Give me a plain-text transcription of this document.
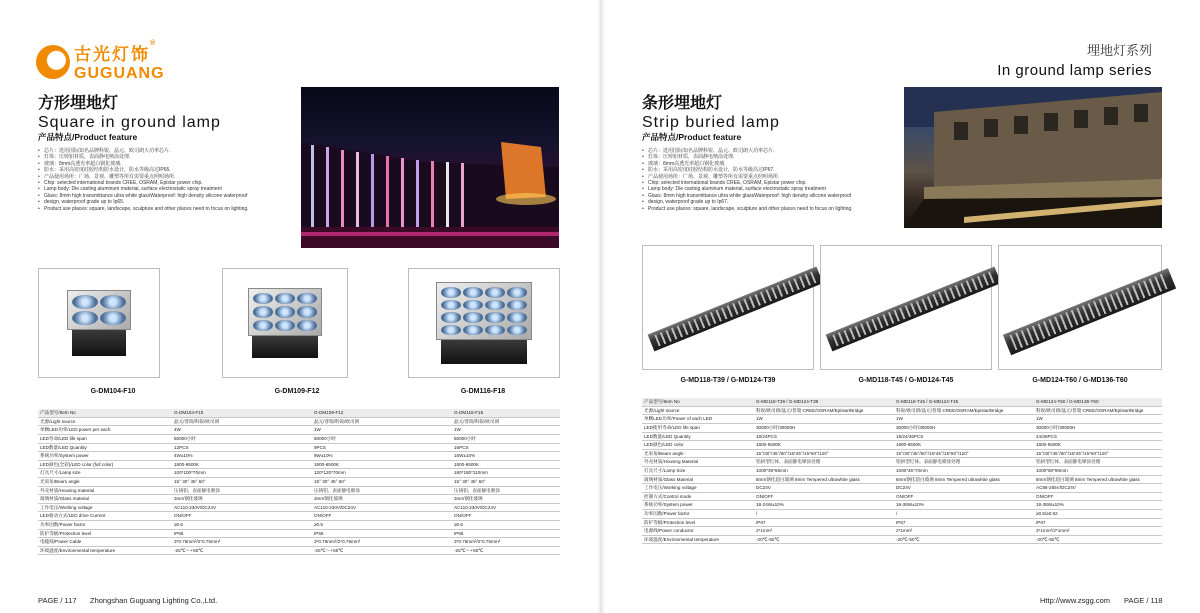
古光灯饰®
GUGUANG
埋地灯系列
In ground lamp series
方形埋地灯
Square in ground lamp
产品特点/Product feature
• 芯片：选用国际知名品牌科锐、晶元、欧司朗大功率芯片.
• 灯体：压铸铝材质，表面静电喷涂处理.
• 玻璃：8mm高透光率超白钢化玻璃.
• 防水：采用高密度硅胶结构防水设计，防水等级高达IP65.
• 产品使用场所：广场、景观、雕塑等所有需要重点照明场所.
• Chip: selected international brands CREE, OSRAM, Epistar power chip.
• Lamp body: Die casting aluminum material, surface electrostatic spray treatment
• Glass: 8mm high transmittance ultra white glassWaterproof: high density silicone waterproof
• design, waterproof grade up to Ip65.
• Product use places: square, landscape, sculpture and other places need to focus on lighting.
G-DM104-F10	G-DM109-F12	G-DM116-F18
产品型号/Item No	G-DM104-F10	G-DM109-F12	G-DM116-F18
光源/Light source	晶元/普瑞/科锐/欧司朗	晶元/普瑞/科锐/欧司朗	晶元/普瑞/科锐/欧司朗
单颗LED功率/LED power per each	4W	1W	1W
LED寿命/LED life span	50000小时	50000小时	50000小时
LED数量/LED Quantity	12PCS	9PCS	16PCS
系统功率/System power	4W±10%	9W±10%	16W±10%
LED颜色(全彩)/LED color (full color)	1800-6500K	1800-6500K	1800-6500K
灯具尺寸/Lamp size	100*100*70mm	120*120*70mm	180*180*110mm
光束角/Beam angle	15° 30° 45° 60°	15° 30° 45° 60°	15° 30° 45° 60°
外壳材质/Housing material	压铸铝、表面静电喷涂	压铸铝、表面静电喷涂	压铸铝、表面静电喷涂
玻璃材质/Glass material	3mm钢化玻璃	3mm钢化玻璃	3mm钢化玻璃
工作电压/Working voltage	AC110-230V/DC24V	AC110-230V/DC24V	AC110-230V/DC24V
LED驱动方式/LED drive Current	ON/OFF	ON/OFF	ON/OFF
功率因数/Power factor	≥0.5	≥0.5	≥0.5
防护等级/Protection level	IP65	IP65	IP65
电缆线/Power Cable	3*0.75mm²/2*0.75mm²	3*0.75mm²/2*0.75mm²	3*0.75mm²/2*0.75mm²
环境温度/Environmental temperature	-25℃～+55℃	-25℃～+55℃	-25℃～+55℃
PAGE / 117 Zhongshan Guguang Lighting Co.,Ltd.
条形埋地灯
Strip buried lamp
产品特点/Product feature
• 芯片：选用国际知名品牌科锐、晶元、欧司朗大功率芯片.
• 灯体：压铸铝材质，表面静电喷涂处理.
• 玻璃：8mm高透光率超白钢化玻璃.
• 防水：采用高密度硅胶结构防水设计，防水等级高达IP67.
• 产品使用场所：广场、景观、雕塑等所有需要重点照明场所.
• Chip: selected international brands CREE, OSRAM, Epistar power chip.
• Lamp body: Die casting aluminum material, surface electrostatic spray treatment
• Glass: 8mm high transmittance ultra white glassWaterproof: high density silicone waterproof
• design, waterproof grade up to Ip67.
• Product use places: square, landscape, sculpture and other places need to focus on lighting.
G-MD118-T39 / G-MD124-T39	G-MD118-T45 / G-MD124-T45	G-MD124-T60 / G-MD136-T60
产品型号/Item No	G-MD118-T39 / G-MD124-T39	G-MD118-T45 / G-MD124-T45	G-MD124-T60 / G-MD136-T60
光源/Light source	科锐/欧司朗/晶元/普瑞 CREE/OSRAM/Epistar/Bridge	科锐/欧司朗/晶元/普瑞 CREE/OSRAM/Epistar/Bridge	科锐/欧司朗/晶元/普瑞 CREE/OSRAM/Epistar/Bridge
单颗LED功率/Power of each LED	1W	1W	1W
LED使用寿命/LED life span	30000小时/30000H	30000小时/30000H	30000小时/30000H
LED数量/LED Quantity	18/24PCS	18/24/36PCS	24/36PCS
LED颜色/LED color	1800-6500K	1800-6500K	1800-6500K
光束角/Beam angle	15°/30°/45°/60°/15*45°/15*60°/120°	15°/30°/45°/60°/15*45°/15*60°/120°	15°/30°/45°/60°/15*45°/15*60°/120°
外壳材质/Housing Material	铝拼型灯体、表面静电喷涂处理	铝拼型灯体、表面静电喷涂处理	铝拼型灯体、表面静电喷涂处理
灯具尺寸/Lamp Size	1000*39*65mm	1000*45*70mm	1000*60*90mm
玻璃材质/Glass Material	8mm钢化超白玻璃 8mm Tempered ultrawhite glass	8mm钢化超白玻璃 8mm Tempered ultrawhite glass	8mm钢化超白玻璃 8mm Tempered ultrawhite glass
工作电压/Working voltage	DC24V	DC24V	AC86-265V/DC24V
控制方式/Control mode	ON/OFF	ON/OFF	ON/OFF
系统功率/System power	18-24W±10%	18-36W±10%	18-36W±10%
功率因数/Power factor	/	/	≥0.5/≥0.92
防护等级/Protection level	IP67	IP67	IP67
电源线/Power conductor	2*1mm²	2*1mm²	3*1mm²/2*1mm²
环境温度/Environmental temperature	-20℃-50℃	-20℃-50℃	-20℃-50℃
Http://www.zsgg.com PAGE / 118
